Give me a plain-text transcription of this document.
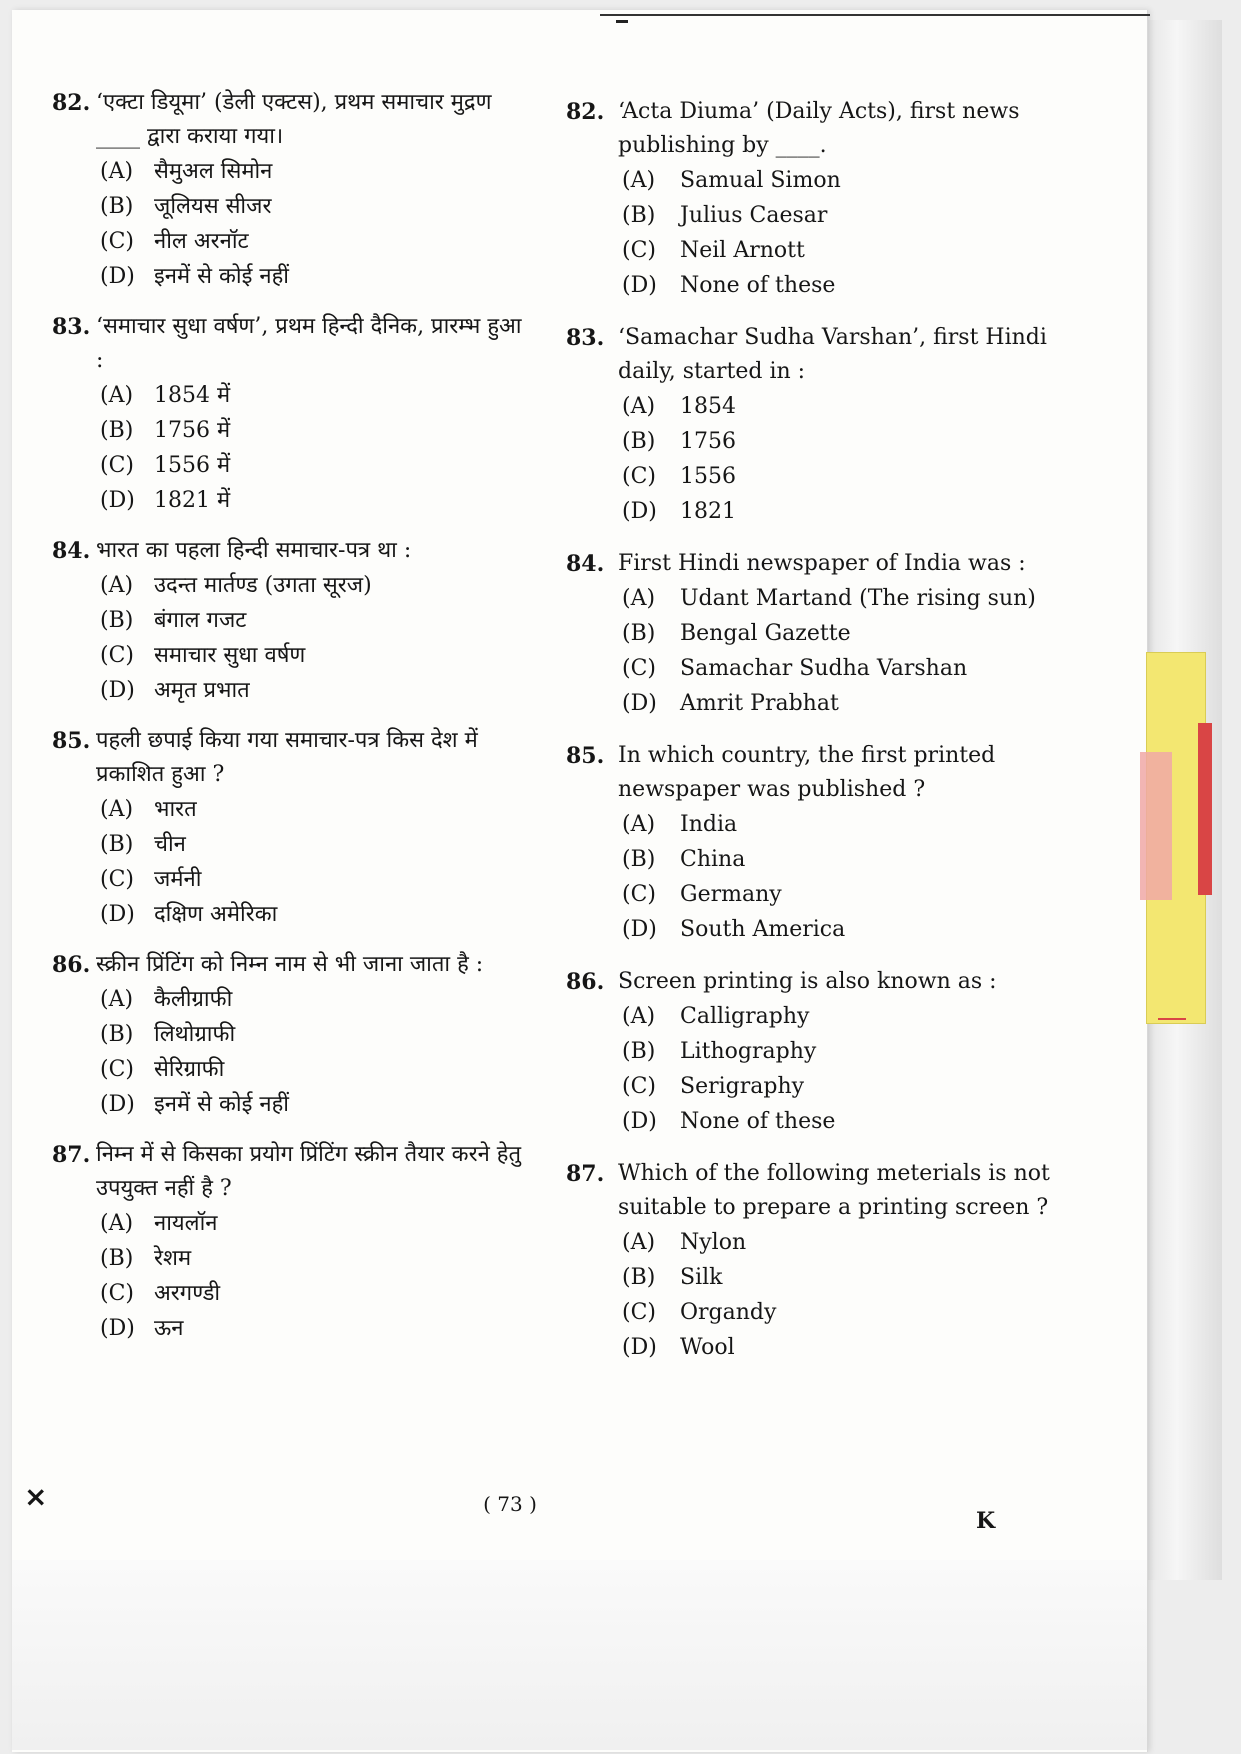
82. ‘एक्टा डियूमा’ (डेली एक्टस), प्रथम समाचार मुद्रण ____ द्वारा कराया गया।
(A) सैमुअल सिमोन
(B) जूलियस सीजर
(C) नील अरनॉट
(D) इनमें से कोई नहीं
83. ‘समाचार सुधा वर्षण’, प्रथम हिन्दी दैनिक, प्रारम्भ हुआ :
(A) 1854 में
(B) 1756 में
(C) 1556 में
(D) 1821 में
84. भारत का पहला हिन्दी समाचार-पत्र था :
(A) उदन्त मार्तण्ड (उगता सूरज)
(B) बंगाल गजट
(C) समाचार सुधा वर्षण
(D) अमृत प्रभात
85. पहली छपाई किया गया समाचार-पत्र किस देश में प्रकाशित हुआ ?
(A) भारत
(B) चीन
(C) जर्मनी
(D) दक्षिण अमेरिका
86. स्क्रीन प्रिंटिंग को निम्न नाम से भी जाना जाता है :
(A) कैलीग्राफी
(B) लिथोग्राफी
(C) सेरिग्राफी
(D) इनमें से कोई नहीं
87. निम्न में से किसका प्रयोग प्रिंटिंग स्क्रीन तैयार करने हेतु उपयुक्त नहीं है ?
(A) नायलॉन
(B) रेशम
(C) अरगण्डी
(D) ऊन
82. ‘Acta Diuma’ (Daily Acts), first news publishing by ____.
(A)	Samual Simon
(B)	Julius Caesar
(C)	Neil Arnott
(D)	None of these
83. ‘Samachar Sudha Varshan’, first Hindi daily, started in :
(A)	1854
(B)	1756
(C)	1556
(D)	1821
84. First Hindi newspaper of India was :
(A)	Udant Martand (The rising sun)
(B)	Bengal Gazette
(C)	Samachar Sudha Varshan
(D)	Amrit Prabhat
85. In which country, the first printed newspaper was published ?
(A)	India
(B)	China
(C)	Germany
(D)	South America
86. Screen printing is also known as :
(A)	Calligraphy
(B)	Lithography
(C)	Serigraphy
(D)	None of these
87. Which of the following meterials is not suitable to prepare a printing screen ?
(A)	Nylon
(B)	Silk
(C)	Organdy
(D)	Wool
×	( 73 )
K
